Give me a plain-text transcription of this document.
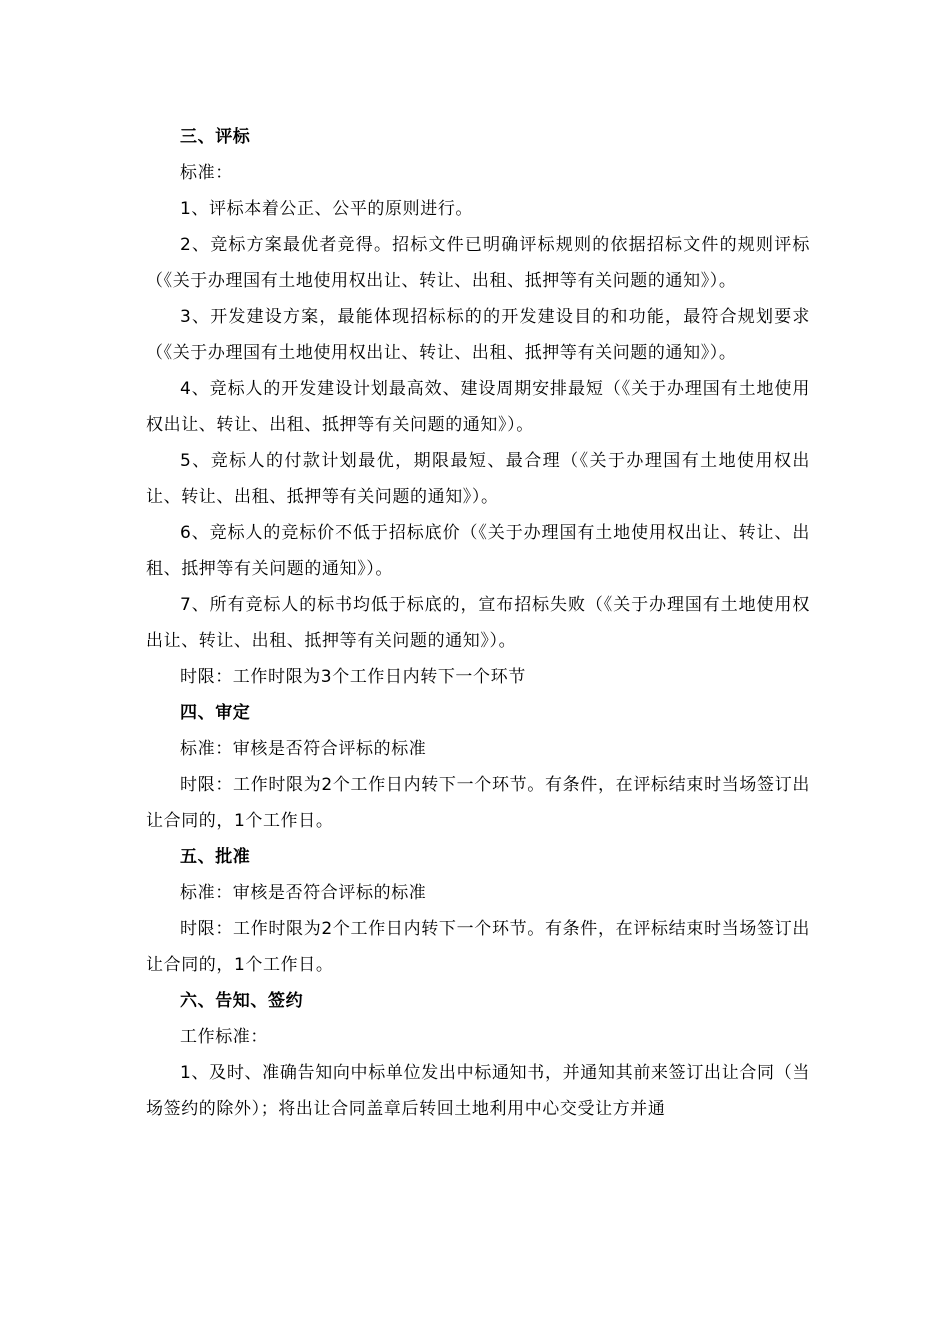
三、评标

标准：

1、评标本着公正、公平的原则进行。

2、竞标方案最优者竞得。招标文件已明确评标规则的依据招标文件的规则评标（《关于办理国有土地使用权出让、转让、出租、抵押等有关问题的通知》）。

3、开发建设方案，最能体现招标标的的开发建设目的和功能，最符合规划要求（《关于办理国有土地使用权出让、转让、出租、抵押等有关问题的通知》）。

4、竞标人的开发建设计划最高效、建设周期安排最短（《关于办理国有土地使用权出让、转让、出租、抵押等有关问题的通知》）。

5、竞标人的付款计划最优，期限最短、最合理（《关于办理国有土地使用权出让、转让、出租、抵押等有关问题的通知》）。

6、竞标人的竞标价不低于招标底价（《关于办理国有土地使用权出让、转让、出租、抵押等有关问题的通知》）。

7、所有竞标人的标书均低于标底的，宣布招标失败（《关于办理国有土地使用权出让、转让、出租、抵押等有关问题的通知》）。

时限：工作时限为3个工作日内转下一个环节

四、审定

标准：审核是否符合评标的标准

时限：工作时限为2个工作日内转下一个环节。有条件，在评标结束时当场签订出让合同的，1个工作日。

五、批准

标准：审核是否符合评标的标准

时限：工作时限为2个工作日内转下一个环节。有条件，在评标结束时当场签订出让合同的，1个工作日。

六、告知、签约

工作标准：

1、及时、准确告知向中标单位发出中标通知书，并通知其前来签订出让合同（当场签约的除外）；将出让合同盖章后转回土地利用中心交受让方并通
